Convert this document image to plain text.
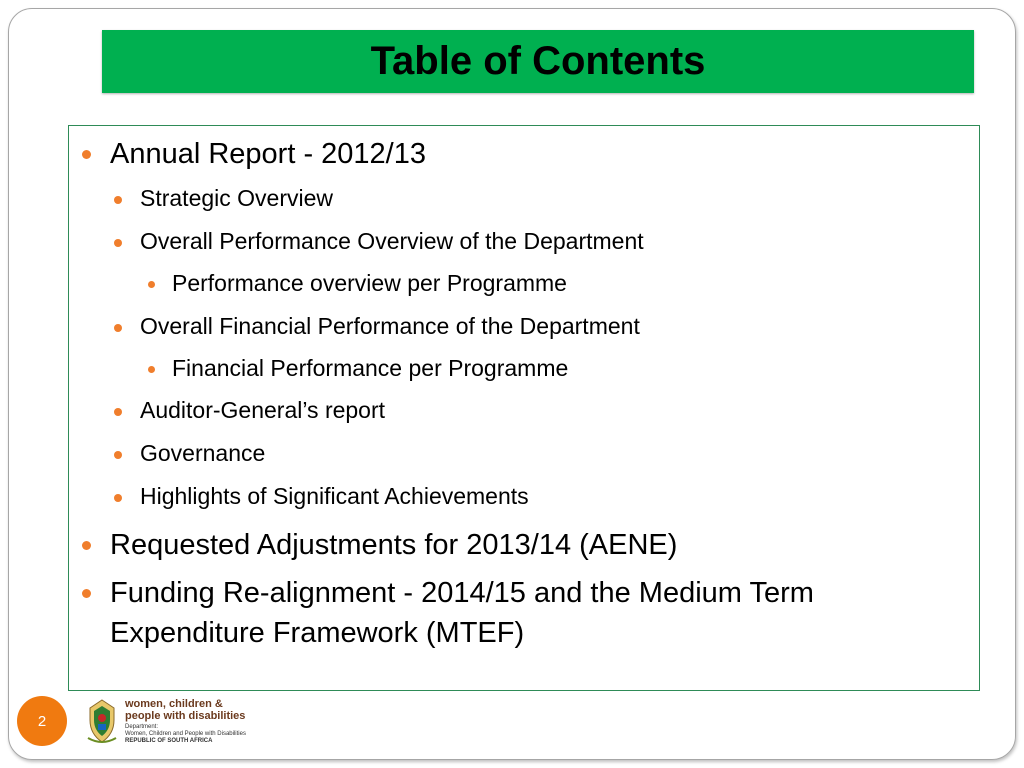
Table of Contents
Annual Report - 2012/13
Strategic Overview
Overall Performance Overview of the Department
Performance overview per Programme
Overall Financial Performance of the Department
Financial Performance per Programme
Auditor-General’s report
Governance
Highlights of Significant Achievements
Requested Adjustments for 2013/14 (AENE)
Funding Re-alignment - 2014/15 and the Medium Term
Expenditure Framework (MTEF)
2
women, children &
people with disabilities
Department:
Women, Children and People with Disabilities
REPUBLIC OF SOUTH AFRICA
